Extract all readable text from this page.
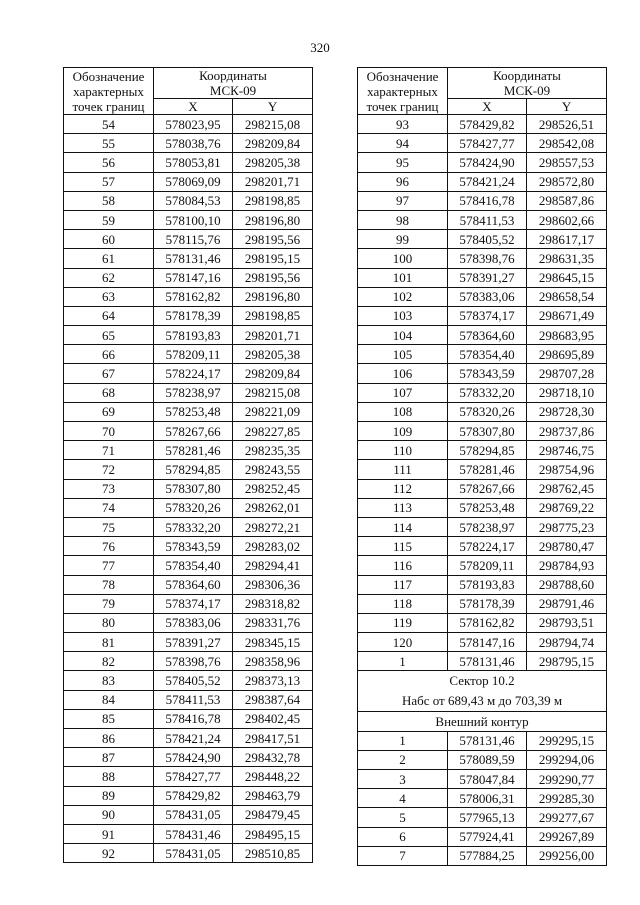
320
Обозначение
характерных
точек границ	Координаты
МСК-09	
	X	Y
54	578023,95	298215,08
55	578038,76	298209,84
56	578053,81	298205,38
57	578069,09	298201,71
58	578084,53	298198,85
59	578100,10	298196,80
60	578115,76	298195,56
61	578131,46	298195,15
62	578147,16	298195,56
63	578162,82	298196,80
64	578178,39	298198,85
65	578193,83	298201,71
66	578209,11	298205,38
67	578224,17	298209,84
68	578238,97	298215,08
69	578253,48	298221,09
70	578267,66	298227,85
71	578281,46	298235,35
72	578294,85	298243,55
73	578307,80	298252,45
74	578320,26	298262,01
75	578332,20	298272,21
76	578343,59	298283,02
77	578354,40	298294,41
78	578364,60	298306,36
79	578374,17	298318,82
80	578383,06	298331,76
81	578391,27	298345,15
82	578398,76	298358,96
83	578405,52	298373,13
84	578411,53	298387,64
85	578416,78	298402,45
86	578421,24	298417,51
87	578424,90	298432,78
88	578427,77	298448,22
89	578429,82	298463,79
90	578431,05	298479,45
91	578431,46	298495,15
92	578431,05	298510,85
Обозначение
характерных
точек границ	Координаты
МСК-09	
	X	Y
93	578429,82	298526,51
94	578427,77	298542,08
95	578424,90	298557,53
96	578421,24	298572,80
97	578416,78	298587,86
98	578411,53	298602,66
99	578405,52	298617,17
100	578398,76	298631,35
101	578391,27	298645,15
102	578383,06	298658,54
103	578374,17	298671,49
104	578364,60	298683,95
105	578354,40	298695,89
106	578343,59	298707,28
107	578332,20	298718,10
108	578320,26	298728,30
109	578307,80	298737,86
110	578294,85	298746,75
111	578281,46	298754,96
112	578267,66	298762,45
113	578253,48	298769,22
114	578238,97	298775,23
115	578224,17	298780,47
116	578209,11	298784,93
117	578193,83	298788,60
118	578178,39	298791,46
119	578162,82	298793,51
120	578147,16	298794,74
1	578131,46	298795,15
Сектор 10.2
Набс от 689,43 м до 703,39 м		
Внешний контур		
1	578131,46	299295,15
2	578089,59	299294,06
3	578047,84	299290,77
4	578006,31	299285,30
5	577965,13	299277,67
6	577924,41	299267,89
7	577884,25	299256,00
